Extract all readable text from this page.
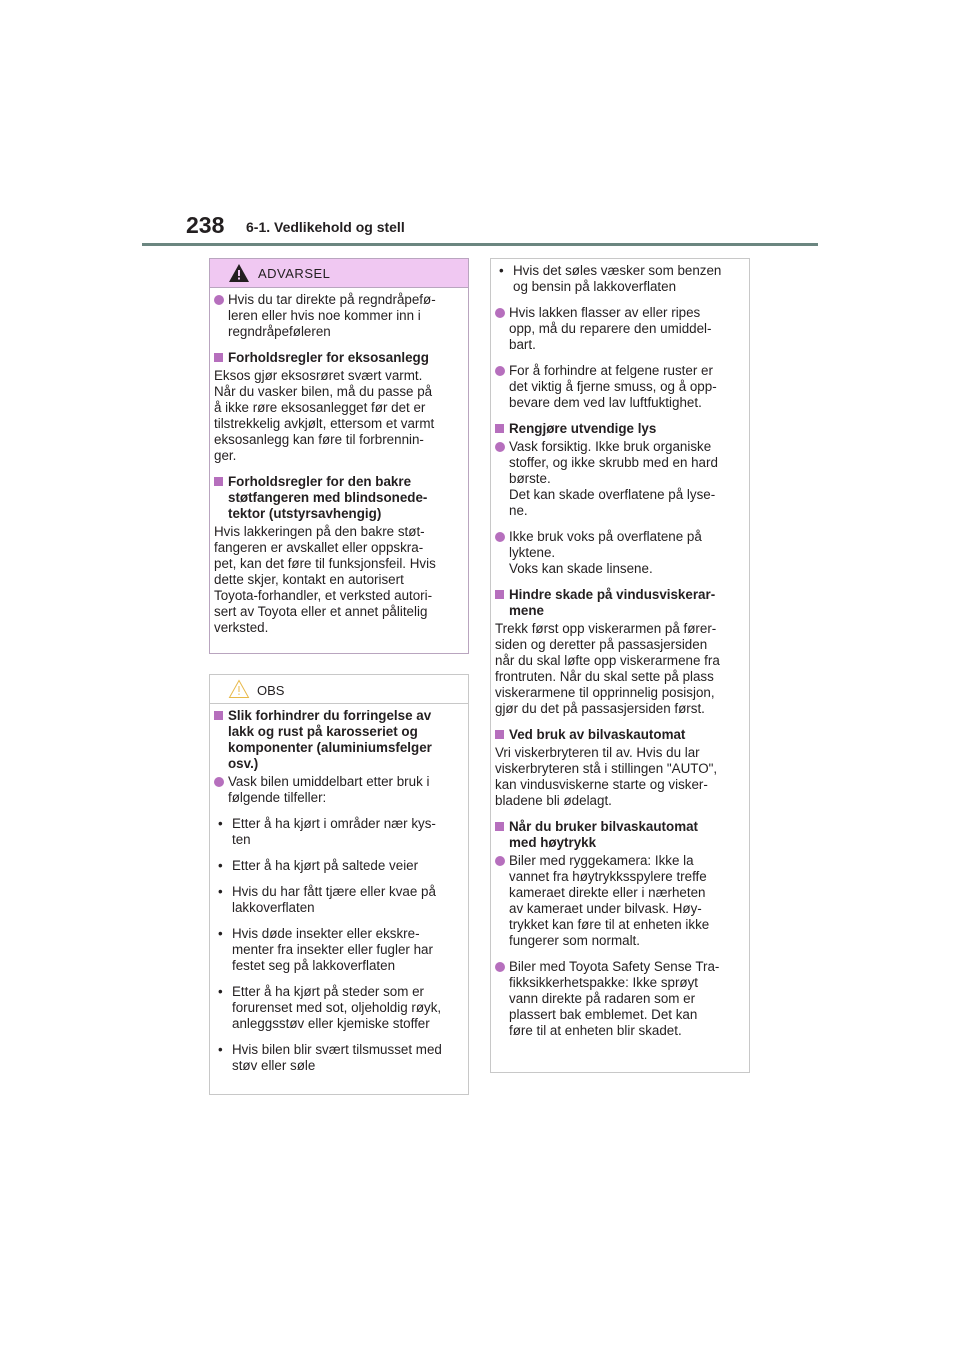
238 6-1. Vedlikehold og stell
ADVARSEL
Hvis du tar direkte på regndråpefø-
leren eller hvis noe kommer inn i
regndråpeføleren
Forholdsregler for eksosanlegg
Eksos gjør eksosrøret svært varmt.
Når du vasker bilen, må du passe på
å ikke røre eksosanlegget før det er
tilstrekkelig avkjølt, ettersom et varmt
eksosanlegg kan føre til forbrennin-
ger.
Forholdsregler for den bakre
støtfangeren med blindsonede-
tektor (utstyrsavhengig)
Hvis lakkeringen på den bakre støt-
fangeren er avskallet eller oppskra-
pet, kan det føre til funksjonsfeil. Hvis
dette skjer, kontakt en autorisert
Toyota-forhandler, et verksted autori-
sert av Toyota eller et annet pålitelig
verksted.
OBS
Slik forhindrer du forringelse av
lakk og rust på karosseriet og
komponenter (aluminiumsfelger
osv.)
Vask bilen umiddelbart etter bruk i
følgende tilfeller:
• Etter å ha kjørt i områder nær kys-
ten
• Etter å ha kjørt på saltede veier
• Hvis du har fått tjære eller kvae på
lakkoverflaten
• Hvis døde insekter eller ekskre-
menter fra insekter eller fugler har
festet seg på lakkoverflaten
• Etter å ha kjørt på steder som er
forurenset med sot, oljeholdig røyk,
anleggsstøv eller kjemiske stoffer
• Hvis bilen blir svært tilsmusset med
støv eller søle
• Hvis det søles væsker som benzen
og bensin på lakkoverflaten
Hvis lakken flasser av eller ripes
opp, må du reparere den umiddel-
bart.
For å forhindre at felgene ruster er
det viktig å fjerne smuss, og å opp-
bevare dem ved lav luftfuktighet.
Rengjøre utvendige lys
Vask forsiktig. Ikke bruk organiske
stoffer, og ikke skrubb med en hard
børste.
Det kan skade overflatene på lyse-
ne.
Ikke bruk voks på overflatene på
lyktene.
Voks kan skade linsene.
Hindre skade på vindusviskerar-
mene
Trekk først opp viskerarmen på fører-
siden og deretter på passasjersiden
når du skal løfte opp viskerarmene fra
frontruten. Når du skal sette på plass
viskerarmene til opprinnelig posisjon,
gjør du det på passasjersiden først.
Ved bruk av bilvaskautomat
Vri viskerbryteren til av. Hvis du lar
viskerbryteren stå i stillingen "AUTO",
kan vindusviskerne starte og visker-
bladene bli ødelagt.
Når du bruker bilvaskautomat
med høytrykk
Biler med ryggekamera: Ikke la
vannet fra høytrykksspylere treffe
kameraet direkte eller i nærheten
av kameraet under bilvask. Høy-
trykket kan føre til at enheten ikke
fungerer som normalt.
Biler med Toyota Safety Sense Tra-
fikksikkerhetspakke: Ikke sprøyt
vann direkte på radaren som er
plassert bak emblemet. Det kan
føre til at enheten blir skadet.
